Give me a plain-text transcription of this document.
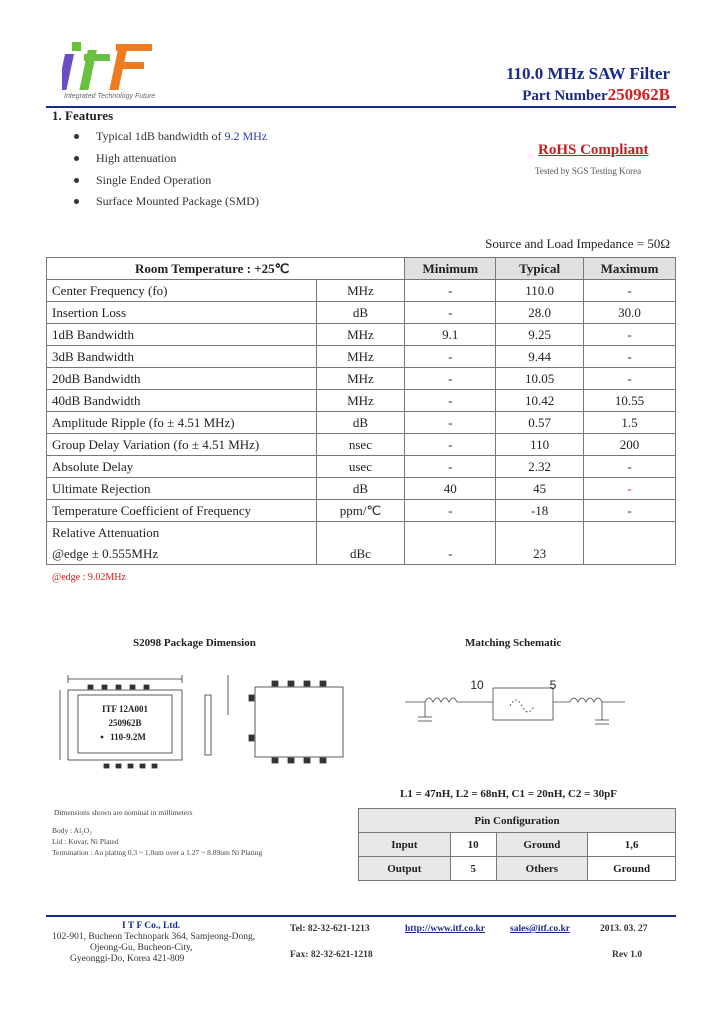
Integrated Technology Future
110.0 MHz SAW Filter
Part Number250962B
1. Features
Typical 1dB bandwidth of 9.2 MHz
High attenuation
Single Ended Operation
Surface Mounted Package (SMD)
RoHS Compliant
Tested by SGS Testing Korea
Source and Load Impedance = 50Ω
Room Temperature : +25℃		Minimum	Typical	Maximum
Center Frequency (fo)	MHz	-	110.0	-
Insertion Loss	dB	-	28.0	30.0
1dB Bandwidth	MHz	9.1	9.25	-
3dB Bandwidth	MHz	-	9.44	-
20dB Bandwidth	MHz	-	10.05	-
40dB Bandwidth	MHz	-	10.42	10.55
Amplitude Ripple (fo ± 4.51 MHz)	dB	-	0.57	1.5
Group Delay Variation (fo ± 4.51 MHz)	nsec	-	110	200
Absolute Delay	usec	-	2.32	-
Ultimate Rejection	dB	40	45	-
Temperature Coefficient of Frequency	ppm/℃	-	-18	-
Relative Attenuation				
@edge ± 0.555MHz	dBc	-	23	
@edge : 9.02MHz
S2098 Package Dimension	Matching Schematic
ITF 12A001
250962B
110-9.2M
10	5
L1 = 47nH, L2 = 68nH, C1 = 20nH, C2 = 30pF
Dimensions shown are nominal in millimeters
Body : Al₂O₃
Lid : Kovar, Ni Plated
Termination : Au plating 0.3 ~ 1.0um over a 1.27 ~ 8.89um Ni Plating
Pin Configuration			
Input	10	Ground	1,6
Output	5	Others	Ground
I T F Co., Ltd.
102-901, Bucheon Technopark 364, Samjeong-Dong,
Ojeong-Gu, Bucheon-City,
Gyeonggi-Do, Korea 421-809
Tel: 82-32-621-1213
Fax: 82-32-621-1218
http://www.itf.co.kr	sales@itf.co.kr	2013. 03. 27
Rev 1.0
